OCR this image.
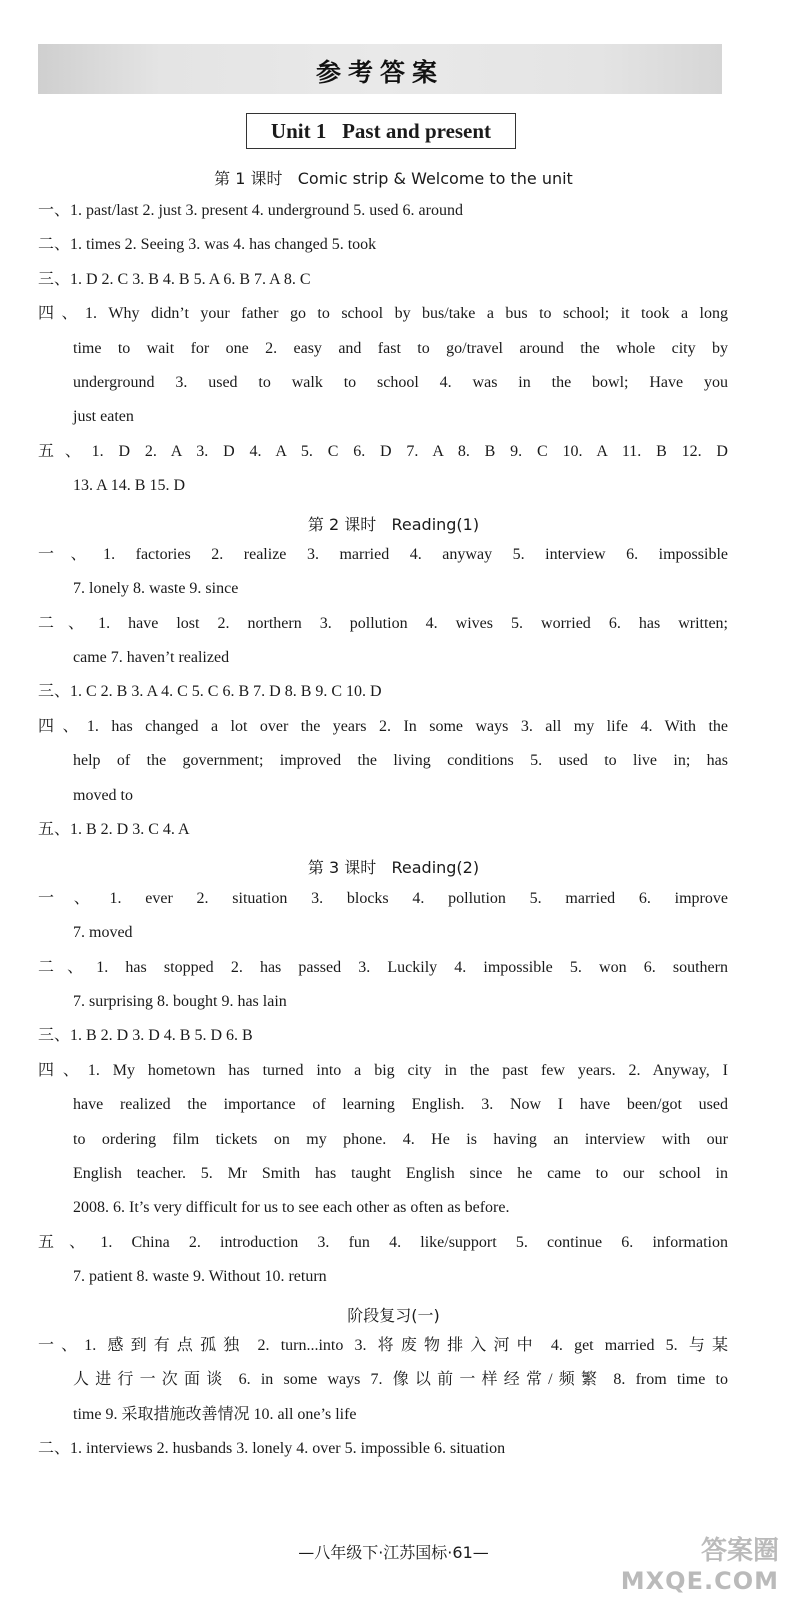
参考答案
Unit 1   Past and present
第 1 课时   Comic strip & Welcome to the unit
一、1. past/last 2. just 3. present 4. underground 5. used 6. around
二、1. times 2. Seeing 3. was 4. has changed 5. took
三、1. D 2. C 3. B 4. B 5. A 6. B 7. A 8. C
四、1. Why didn’t your father go to school by bus/take a bus to school; it took a long
time to wait for one 2. easy and fast to go/travel around the whole city by
underground 3. used to walk to school 4. was in the bowl; Have you
just eaten
五、1. D 2. A 3. D 4. A 5. C 6. D 7. A 8. B 9. C 10. A 11. B 12. D
13. A 14. B 15. D
第 2 课时   Reading(1)
一、1. factories 2. realize 3. married 4. anyway 5. interview 6. impossible
7. lonely 8. waste 9. since
二、1. have lost 2. northern 3. pollution 4. wives 5. worried 6. has written;
came 7. haven’t realized
三、1. C 2. B 3. A 4. C 5. C 6. B 7. D 8. B 9. C 10. D
四、1. has changed a lot over the years 2. In some ways 3. all my life 4. With the
help of the government; improved the living conditions 5. used to live in; has
moved to
五、1. B 2. D 3. C 4. A
第 3 课时   Reading(2)
一、1. ever 2. situation 3. blocks 4. pollution 5. married 6. improve
7. moved
二、1. has stopped 2. has passed 3. Luckily 4. impossible 5. won 6. southern
7. surprising 8. bought 9. has lain
三、1. B 2. D 3. D 4. B 5. D 6. B
四、1. My hometown has turned into a big city in the past few years. 2. Anyway, I
have realized the importance of learning English. 3. Now I have been/got used
to ordering film tickets on my phone. 4. He is having an interview with our
English teacher. 5. Mr Smith has taught English since he came to our school in
2008. 6. It’s very difficult for us to see each other as often as before.
五、1. China 2. introduction 3. fun 4. like/support 5. continue 6. information
7. patient 8. waste 9. Without 10. return
阶段复习(一)
一、1. 感到有点孤独 2. turn...into 3. 将废物排入河中 4. get married 5. 与某
人进行一次面谈 6. in some ways 7. 像以前一样经常/频繁 8. from time to
time 9. 采取措施改善情况 10. all one’s life
二、1. interviews 2. husbands 3. lonely 4. over 5. impossible 6. situation
—八年级下·江苏国标·61—	答案圈
MXQE.COM
